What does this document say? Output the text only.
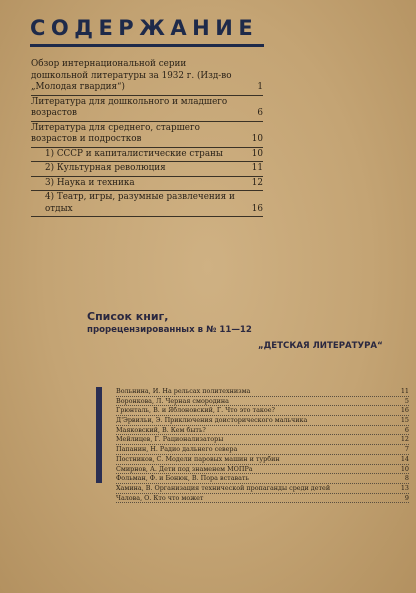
СОДЕРЖАНИЕ
Обзор интернациональной серии дошкольной литературы за 1932 г. (Изд-во „Молодая гвардия“)	1
Литература для дошкольного и младшего возрастов	6
Литература для среднего, старшего возрастов и подростков	10
1) СССР и капиталистические страны	10
2) Культурная революция	11
3) Наука и техника	12
4) Театр, игры, разумные развлечения и отдых	16
Список книг,

прорецензированных в № 11—12

„ДЕТСКАЯ ЛИТЕРАТУРА“

Вольнина, И. На рельсах политехнизма	11
Воронкова, Л. Черная смородина	5
Грюнталь, В. и Яблоновский, Г. Что это такое?	16
Д'Эрвильи, Э. Приключения доисторического мальчика	15
Маяковский, В. Кем быть?	6
Мейлицев, Г. Рационализаторы	12
Папанин, Н. Радио дальнего севера	7
Постников, С. Модели паровых машин и турбин	14
Смирнов, А. Дети под знаменем МОПРа	10
Фольман, Ф. и Бонюк, В. Пора вставать	8
Хамина, В. Организация технической пропаганды среди детей	13
Чалова, О. Кто что может	9
